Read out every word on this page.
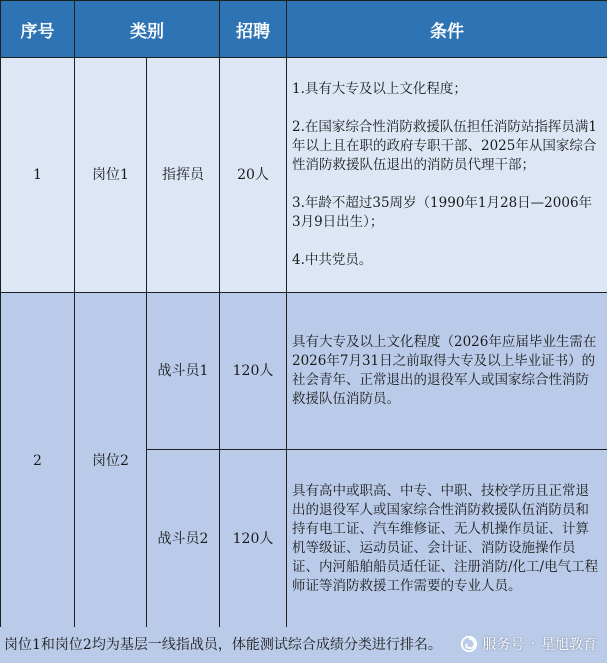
序号	类别		招聘	条件
1	岗位1	指挥员	20人	1.具有大专及以上文化程度；

2.在国家综合性消防救援队伍担任消防站指挥员满1年以上且在职的政府专职干部、2025年从国家综合性消防救援队伍退出的消防员代理干部；

3.年龄不超过35周岁（1990年1月28日—2006年3月9日出生）；

4.中共党员。

2	岗位2	战斗员1	120人	具有大专及以上文化程度（2026年应届毕业生需在2026年7月31日之前取得大专及以上毕业证书）的社会青年、正常退出的退役军人或国家综合性消防救援队伍消防员。

		战斗员2	120人	具有高中或职高、中专、中职、技校学历且正常退出的退役军人或国家综合性消防救援队伍消防员和持有电工证、汽车维修证、无人机操作员证、计算机等级证、运动员证、会计证、消防设施操作员证、内河船舶船员适任证、注册消防/化工/电气工程师证等消防救援工作需要的专业人员。

岗位1和岗位2均为基层一线指战员，体能测试综合成绩分类进行排名。	服务号 · 星旭教育
